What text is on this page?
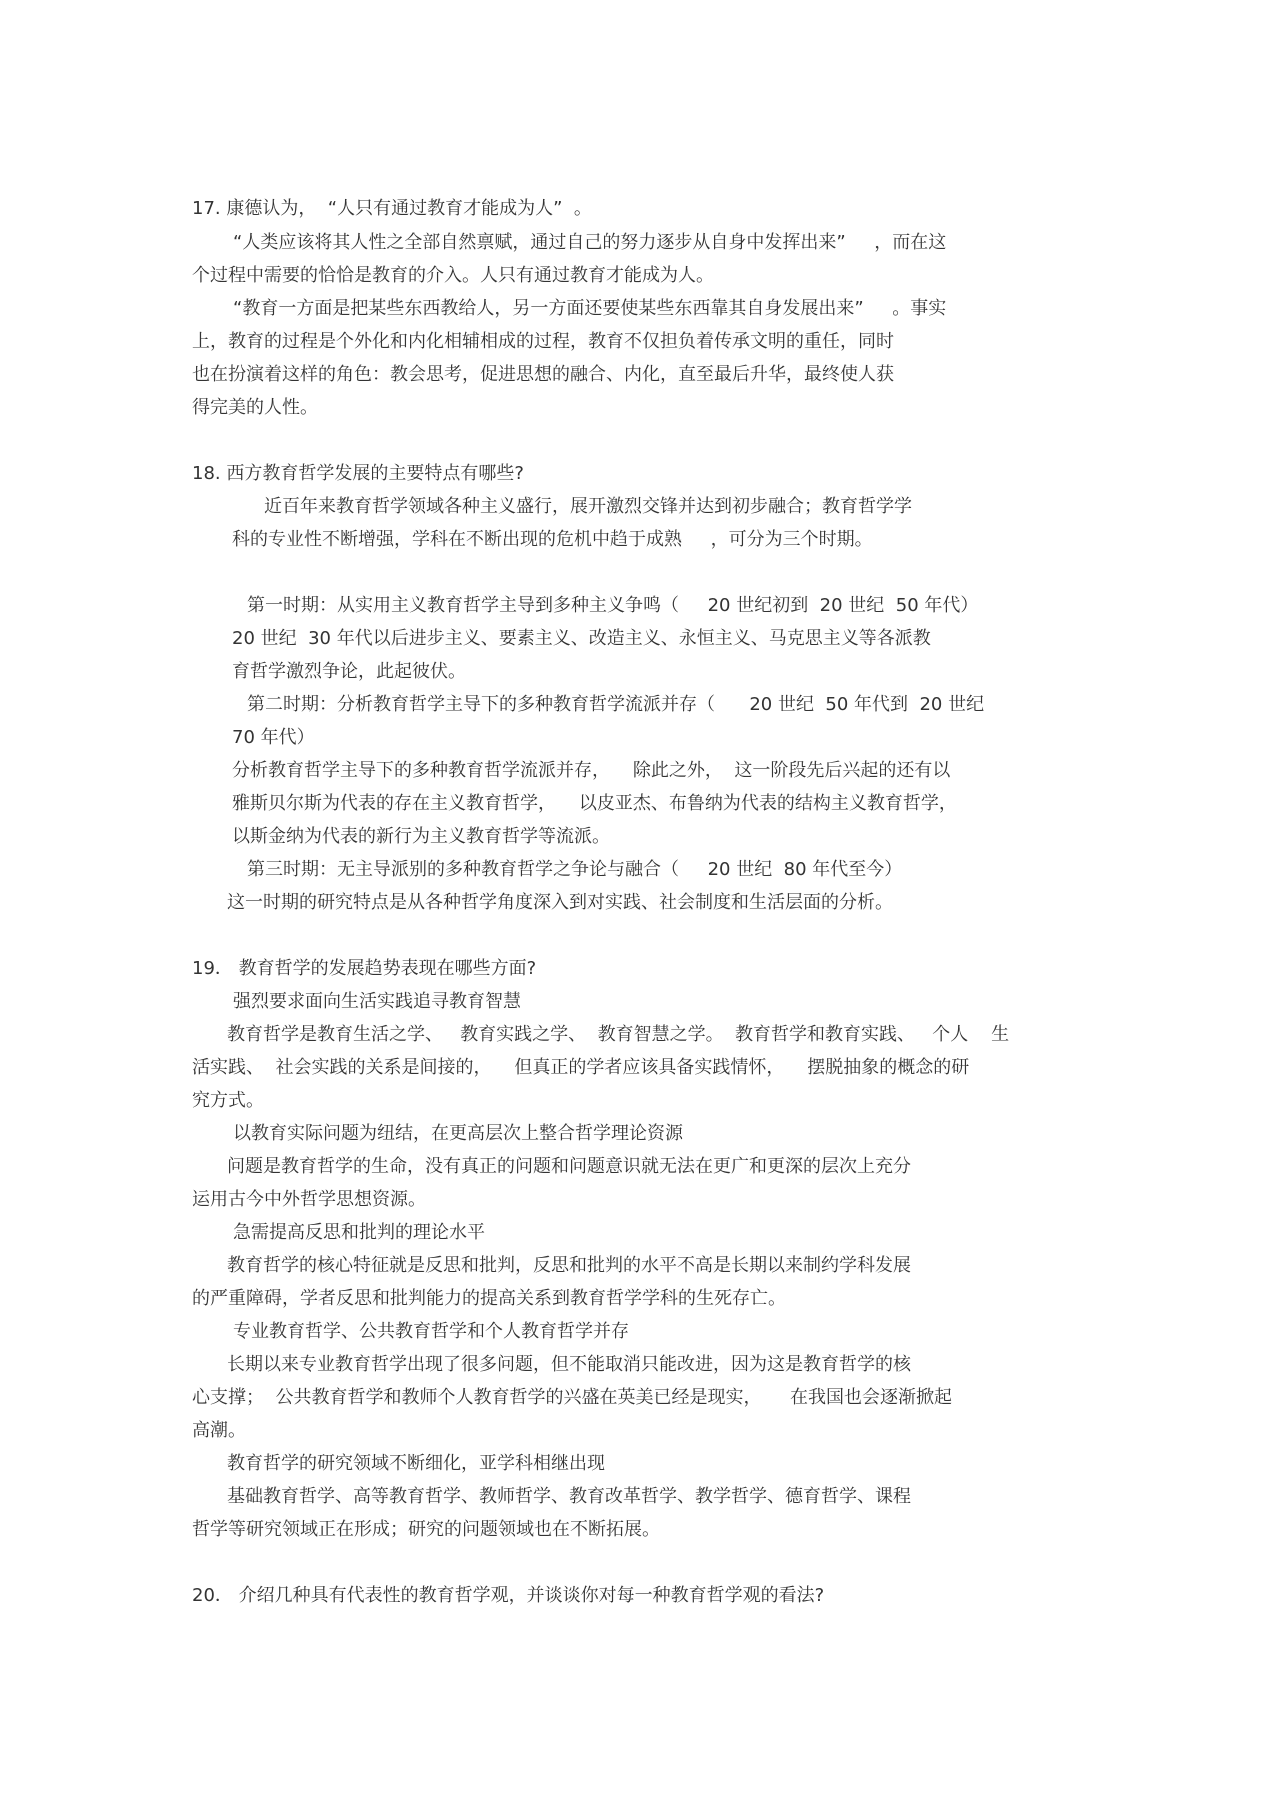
17. 康德认为，  “人只有通过教育才能成为人”  。
“人类应该将其人性之全部自然禀赋，通过自己的努力逐步从自身中发挥出来”     ，而在这
个过程中需要的恰恰是教育的介入。人只有通过教育才能成为人。
“教育一方面是把某些东西教给人，另一方面还要使某些东西靠其自身发展出来”     。事实
上，教育的过程是个外化和内化相辅相成的过程，教育不仅担负着传承文明的重任，同时
也在扮演着这样的角色：教会思考，促进思想的融合、内化，直至最后升华，最终使人获
得完美的人性。
18. 西方教育哲学发展的主要特点有哪些?
近百年来教育哲学领域各种主义盛行，展开激烈交锋并达到初步融合；教育哲学学
科的专业性不断增强，学科在不断出现的危机中趋于成熟     ，可分为三个时期。
第一时期：从实用主义教育哲学主导到多种主义争鸣（     20 世纪初到  20 世纪  50 年代）
20 世纪  30 年代以后进步主义、要素主义、改造主义、永恒主义、马克思主义等各派教
育哲学激烈争论，此起彼伏。
第二时期：分析教育哲学主导下的多种教育哲学流派并存（      20 世纪  50 年代到  20 世纪
70 年代）
分析教育哲学主导下的多种教育哲学流派并存，    除此之外，  这一阶段先后兴起的还有以
雅斯贝尔斯为代表的存在主义教育哲学，    以皮亚杰、布鲁纳为代表的结构主义教育哲学，
以斯金纳为代表的新行为主义教育哲学等流派。
第三时期：无主导派别的多种教育哲学之争论与融合（     20 世纪  80 年代至今）
这一时期的研究特点是从各种哲学角度深入到对实践、社会制度和生活层面的分析。
19． 教育哲学的发展趋势表现在哪些方面?
强烈要求面向生活实践追寻教育智慧
教育哲学是教育生活之学、   教育实践之学、  教育智慧之学。  教育哲学和教育实践、   个人    生
活实践、  社会实践的关系是间接的，    但真正的学者应该具备实践情怀，    摆脱抽象的概念的研
究方式。
以教育实际问题为纽结，在更高层次上整合哲学理论资源
问题是教育哲学的生命，没有真正的问题和问题意识就无法在更广和更深的层次上充分
运用古今中外哲学思想资源。
急需提高反思和批判的理论水平
教育哲学的核心特征就是反思和批判，反思和批判的水平不高是长期以来制约学科发展
的严重障碍，学者反思和批判能力的提高关系到教育哲学学科的生死存亡。
专业教育哲学、公共教育哲学和个人教育哲学并存
长期以来专业教育哲学出现了很多问题，但不能取消只能改进，因为这是教育哲学的核
心支撑；  公共教育哲学和教师个人教育哲学的兴盛在英美已经是现实，     在我国也会逐渐掀起
高潮。
教育哲学的研究领域不断细化，亚学科相继出现
基础教育哲学、高等教育哲学、教师哲学、教育改革哲学、教学哲学、德育哲学、课程
哲学等研究领域正在形成；研究的问题领域也在不断拓展。
20． 介绍几种具有代表性的教育哲学观，并谈谈你对每一种教育哲学观的看法?
